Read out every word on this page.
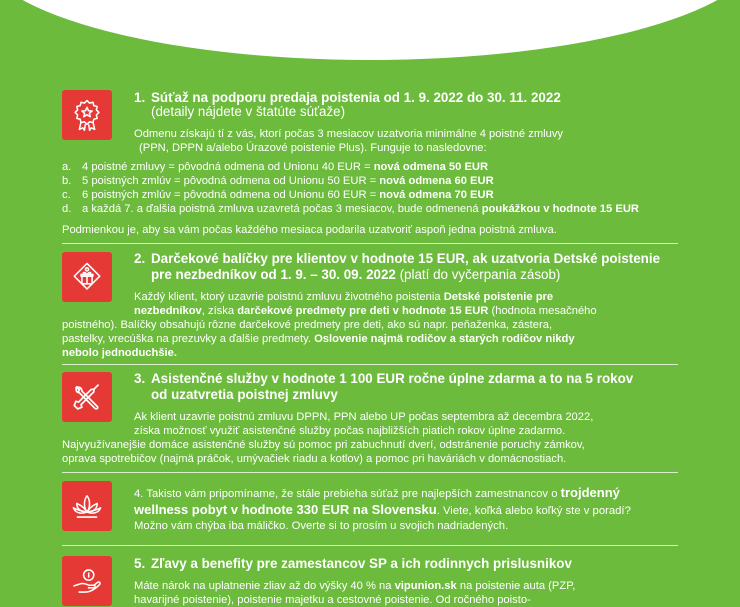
1. Súťaž na podporu predaja poistenia od 1. 9. 2022 do 30. 11. 2022
(detaily nájdete v štatúte súťaže)
Odmenu získajú tí z vás, ktorí počas 3 mesiacov uzatvoria minimálne 4 poistné zmluvy
(PPN, DPPN a/alebo Úrazové poistenie Plus). Funguje to nasledovne:
a. 4 poistné zmluvy = pôvodná odmena od Unionu 40 EUR = nová odmena 50 EUR
b. 5 poistných zmlúv = pôvodná odmena od Unionu 50 EUR = nová odmena 60 EUR
c. 6 poistných zmlúv = pôvodná odmena od Unionu 60 EUR = nová odmena 70 EUR
d. a každá 7. a ďalšia poistná zmluva uzavretá počas 3 mesiacov, bude odmenená poukážkou v hodnote 15 EUR
Podmienkou je, aby sa vám počas každého mesiaca podarila uzatvoriť aspoň jedna poistná zmluva.
2. Darčekové balíčky pre klientov v hodnote 15 EUR, ak uzatvoria Detské poistenie
pre nezbedníkov od 1. 9. – 30. 09. 2022 (platí do vyčerpania zásob)
Každý klient, ktorý uzavrie poistnú zmluvu životného poistenia Detské poistenie pre
nezbedníkov, získa darčekové predmety pre deti v hodnote 15 EUR (hodnota mesačného
poistného). Balíčky obsahujú rôzne darčekové predmety pre deti, ako sú napr. peňaženka, zástera,
pastelky, vrecúška na prezuvky a ďalšie predmety. Oslovenie najmä rodičov a starých rodičov nikdy
nebolo jednoduchšie.
3. Asistenčné služby v hodnote 1 100 EUR ročne úplne zdarma a to na 5 rokov
od uzatvretia poistnej zmluvy
Ak klient uzavrie poistnú zmluvu DPPN, PPN alebo UP počas septembra až decembra 2022,
získa možnosť využiť asistenčné služby počas najbližších piatich rokov úplne zadarmo.
Najvyužívanejšie domáce asistenčné služby sú pomoc pri zabuchnutí dverí, odstránenie poruchy zámkov,
oprava spotrebičov (najmä práčok, umývačiek riadu a kotlov) a pomoc pri haváriách v domácnostiach.
4. Takisto vám pripomíname, že stále prebieha súťaž pre najlepších zamestnancov o trojdenný
wellness pobyt v hodnote 330 EUR na Slovensku. Viete, koľká alebo koľký ste v poradí?
Možno vám chýba iba máličko. Overte si to prosím u svojich nadriadených.
5. Zľavy a benefity pre zamestancov SP a ich rodinnych prislusnikov
Máte nárok na uplatnenie zliav až do výšky 40 % na vipunion.sk na poistenie auta (PZP,
havarijné poistenie), poistenie majetku a cestovné poistenie. Od ročného poisto-
